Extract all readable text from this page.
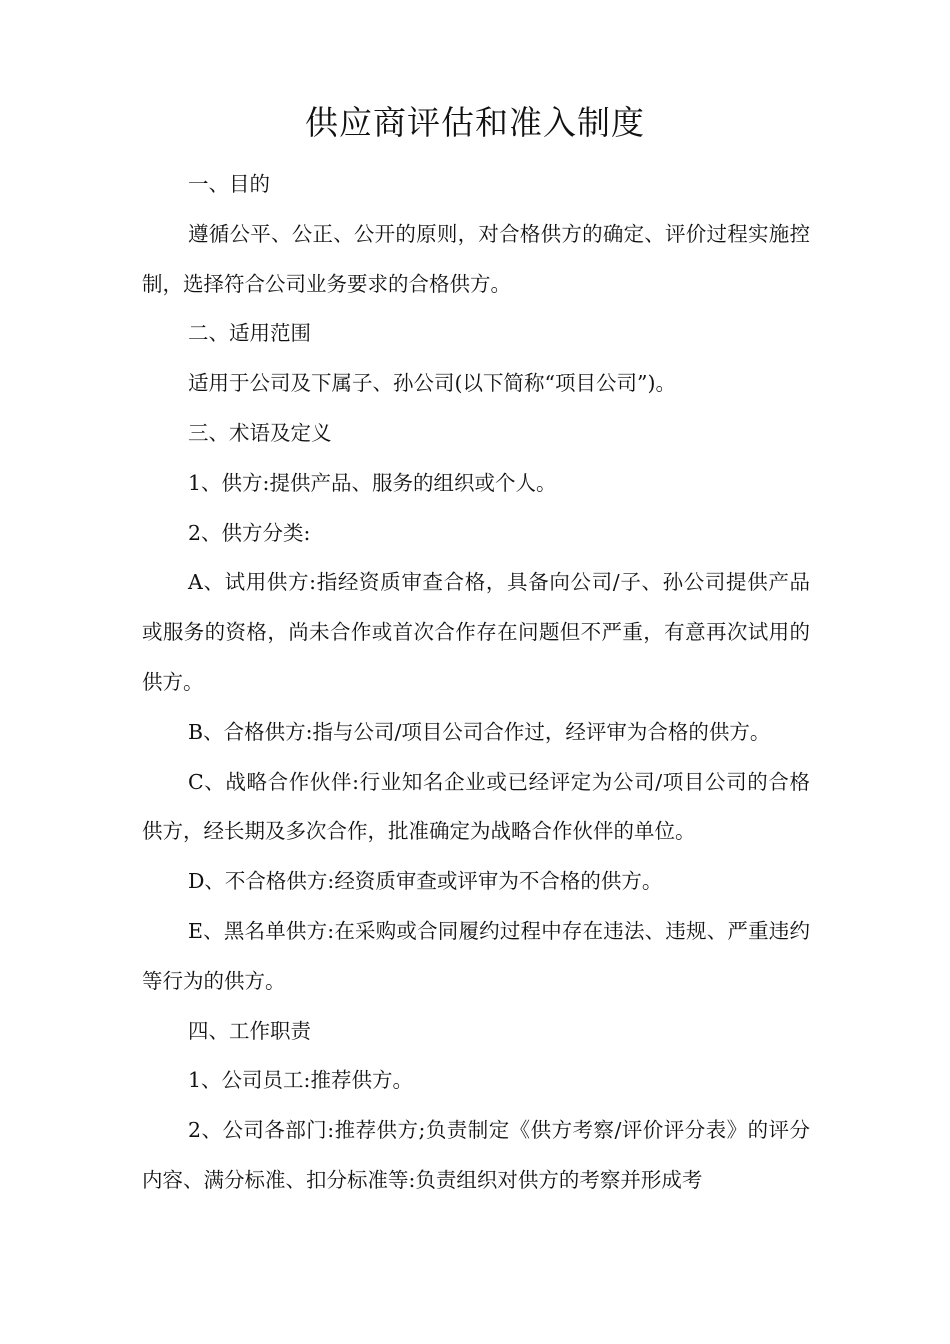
供应商评估和准入制度

一、目的

遵循公平、公正、公开的原则，对合格供方的确定、评价过程实施控制，选择符合公司业务要求的合格供方。

二、适用范围

适用于公司及下属子、孙公司(以下简称“项目公司”)。

三、术语及定义

1、供方:提供产品、服务的组织或个人。

2、供方分类:

A、试用供方:指经资质审查合格，具备向公司/子、孙公司提供产品或服务的资格，尚未合作或首次合作存在问题但不严重，有意再次试用的供方。

B、合格供方:指与公司/项目公司合作过，经评审为合格的供方。

C、战略合作伙伴:行业知名企业或已经评定为公司/项目公司的合格供方，经长期及多次合作，批准确定为战略合作伙伴的单位。

D、不合格供方:经资质审查或评审为不合格的供方。

E、黑名单供方:在采购或合同履约过程中存在违法、违规、严重违约等行为的供方。

四、工作职责

1、公司员工:推荐供方。

2、公司各部门:推荐供方;负责制定《供方考察/评价评分表》的评分内容、满分标准、扣分标准等:负责组织对供方的考察并形成考
